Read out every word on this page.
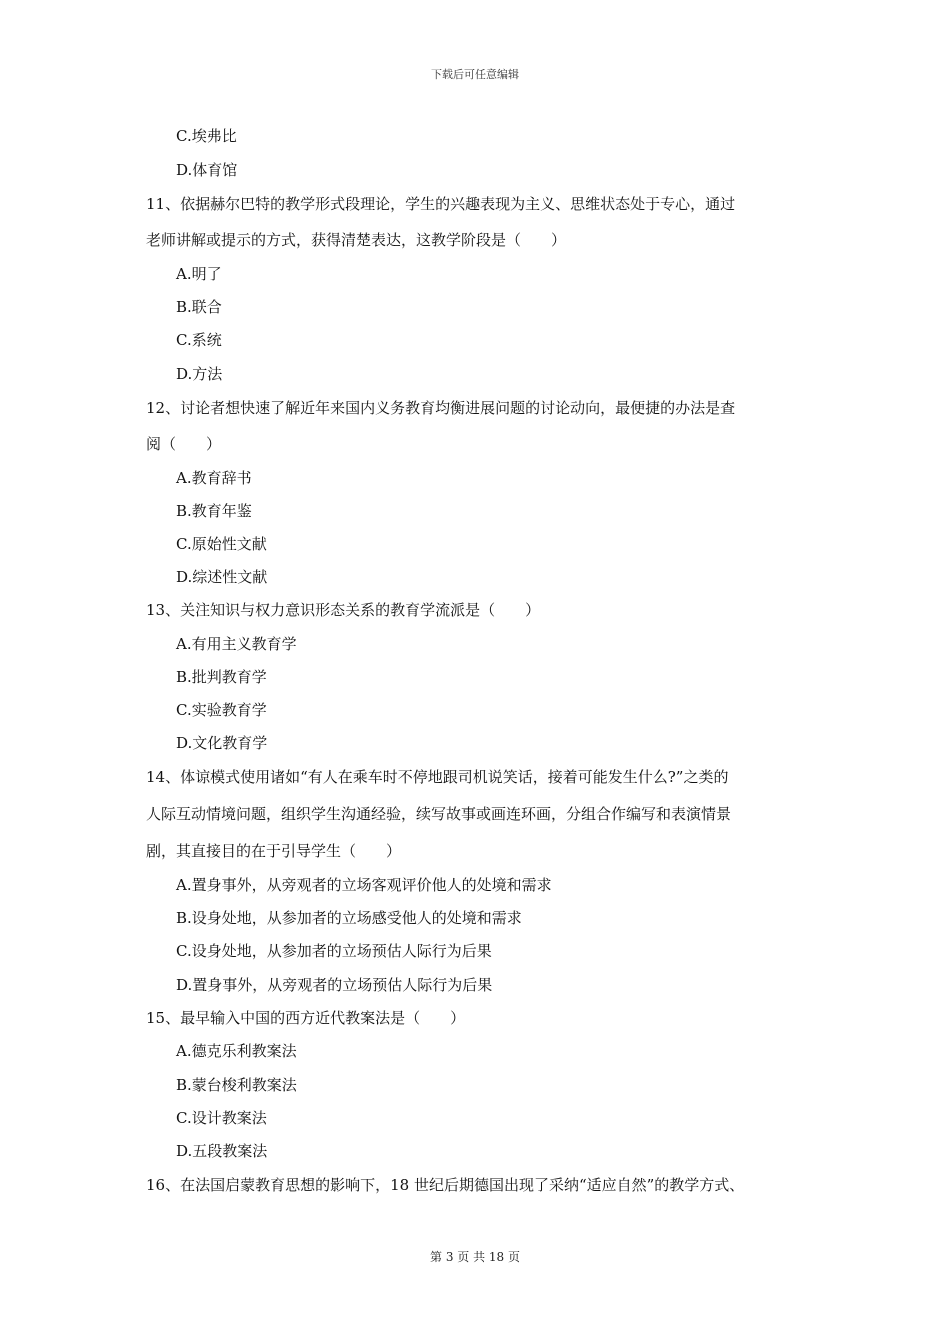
下载后可任意编辑
C.埃弗比
D.体育馆
11、依据赫尔巴特的教学形式段理论，学生的兴趣表现为主义、思维状态处于专心，通过
老师讲解或提示的方式，获得清楚表达，这教学阶段是（　　）
A.明了
B.联合
C.系统
D.方法
12、讨论者想快速了解近年来国内义务教育均衡进展问题的讨论动向，最便捷的办法是查
阅（　　）
A.教育辞书
B.教育年鉴
C.原始性文献
D.综述性文献
13、关注知识与权力意识形态关系的教育学流派是（　　）
A.有用主义教育学
B.批判教育学
C.实验教育学
D.文化教育学
14、体谅模式使用诸如“有人在乘车时不停地跟司机说笑话，接着可能发生什么?”之类的
人际互动情境问题，组织学生沟通经验，续写故事或画连环画，分组合作编写和表演情景
剧，其直接目的在于引导学生（　　）
A.置身事外，从旁观者的立场客观评价他人的处境和需求
B.设身处地，从参加者的立场感受他人的处境和需求
C.设身处地，从参加者的立场预估人际行为后果
D.置身事外，从旁观者的立场预估人际行为后果
15、最早输入中国的西方近代教案法是（　　）
A.德克乐利教案法
B.蒙台梭利教案法
C.设计教案法
D.五段教案法
16、在法国启蒙教育思想的影响下，18 世纪后期德国出现了采纳“适应自然”的教学方式、
第 3 页 共 18 页
